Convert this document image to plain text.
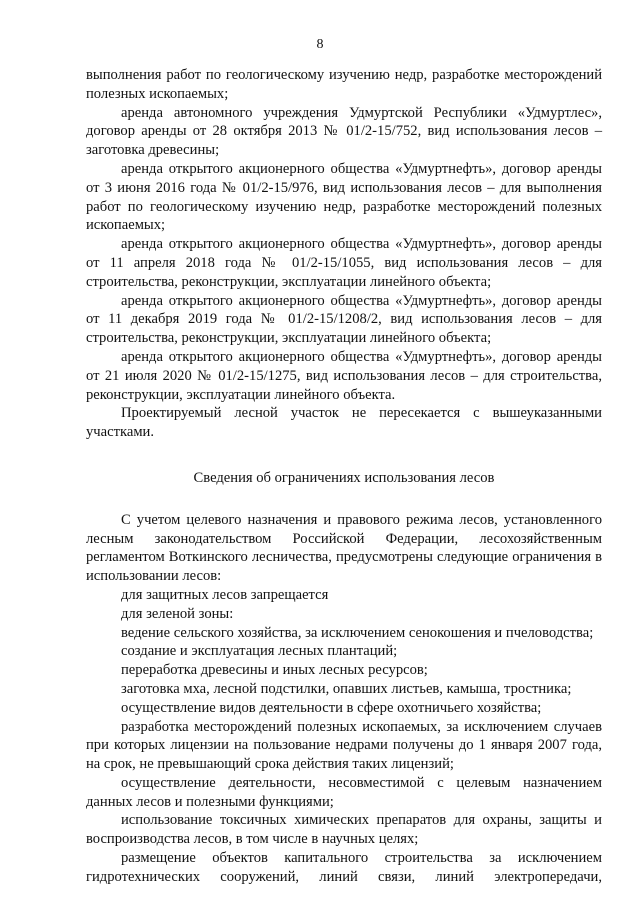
8

выполнения работ по геологическому изучению недр, разработке месторождений полезных ископаемых;

аренда автономного учреждения Удмуртской Республики «Удмуртлес», договор аренды от 28 октября 2013 № 01/2-15/752, вид использования лесов – заготовка древесины;

аренда открытого акционерного общества «Удмуртнефть», договор аренды от 3 июня 2016 года № 01/2-15/976, вид использования лесов – для выполнения работ по геологическому изучению недр, разработке месторождений полезных ископаемых;

аренда открытого акционерного общества «Удмуртнефть», договор аренды от 11 апреля 2018 года № 01/2-15/1055, вид использования лесов – для строительства, реконструкции, эксплуатации линейного объекта;

аренда открытого акционерного общества «Удмуртнефть», договор аренды от 11 декабря 2019 года № 01/2-15/1208/2, вид использования лесов – для строительства, реконструкции, эксплуатации линейного объекта;

аренда открытого акционерного общества «Удмуртнефть», договор аренды от 21 июля 2020 № 01/2-15/1275, вид использования лесов – для строительства, реконструкции, эксплуатации линейного объекта.

Проектируемый лесной участок не пересекается с вышеуказанными участками.

Сведения об ограничениях использования лесов

С учетом целевого назначения и правового режима лесов, установленного лесным законодательством Российской Федерации, лесохозяйственным регламентом Воткинского лесничества, предусмотрены следующие ограничения в использовании лесов:

для защитных лесов запрещается

для зеленой зоны:

ведение сельского хозяйства, за исключением сенокошения и пчеловодства;

создание и эксплуатация лесных плантаций;

переработка древесины и иных лесных ресурсов;

заготовка мха, лесной подстилки, опавших листьев, камыша, тростника;

осуществление видов деятельности в сфере охотничьего хозяйства;

разработка месторождений полезных ископаемых, за исключением случаев при которых лицензии на пользование недрами получены до 1 января 2007 года, на срок, не превышающий срока действия таких лицензий;

осуществление деятельности, несовместимой с целевым назначением данных лесов и полезными функциями;

использование токсичных химических препаратов для охраны, защиты и воспроизводства лесов, в том числе в научных целях;

размещение объектов капитального строительства за исключением гидротехнических сооружений, линий связи, линий электропередачи,
